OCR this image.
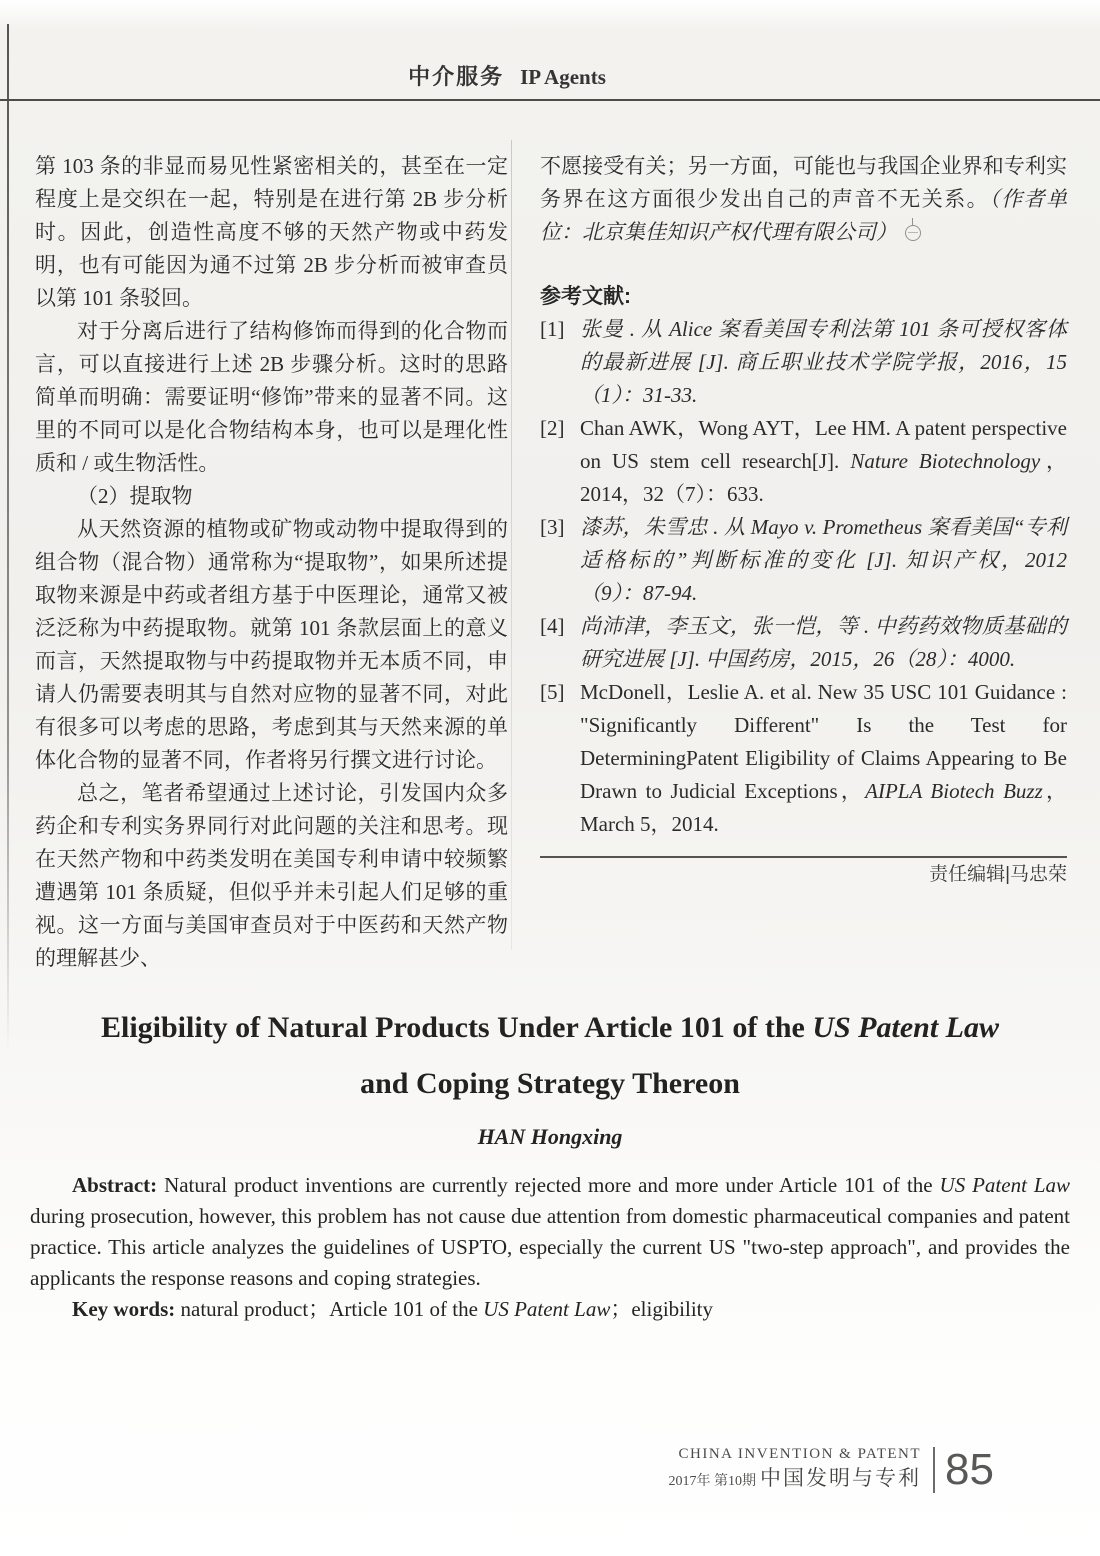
中介服务 IP Agents

第 103 条的非显而易见性紧密相关的，甚至在一定程度上是交织在一起，特别是在进行第 2B 步分析时。因此，创造性高度不够的天然产物或中药发明，也有可能因为通不过第 2B 步分析而被审查员以第 101 条驳回。

对于分离后进行了结构修饰而得到的化合物而言，可以直接进行上述 2B 步骤分析。这时的思路简单而明确：需要证明“修饰”带来的显著不同。这里的不同可以是化合物结构本身，也可以是理化性质和 / 或生物活性。

（2）提取物

从天然资源的植物或矿物或动物中提取得到的组合物（混合物）通常称为“提取物”，如果所述提取物来源是中药或者组方基于中医理论，通常又被泛泛称为中药提取物。就第 101 条款层面上的意义而言，天然提取物与中药提取物并无本质不同，申请人仍需要表明其与自然对应物的显著不同，对此有很多可以考虑的思路，考虑到其与天然来源的单体化合物的显著不同，作者将另行撰文进行讨论。

总之，笔者希望通过上述讨论，引发国内众多药企和专利实务界同行对此问题的关注和思考。现在天然产物和中药类发明在美国专利申请中较频繁遭遇第 101 条质疑，但似乎并未引起人们足够的重视。这一方面与美国审查员对于中医药和天然产物的理解甚少、

不愿接受有关；另一方面，可能也与我国企业界和专利实务界在这方面很少发出自己的声音不无关系。（作者单位：北京集佳知识产权代理有限公司）

参考文献:
[1] 张曼 . 从 Alice 案看美国专利法第 101 条可授权客体的最新进展 [J]. 商丘职业技术学院学报，2016，15（1）：31-33.
[2] Chan AWK，Wong AYT，Lee HM. A patent perspective on US stem cell research[J]. Nature Biotechnology，2014，32（7）：633.
[3] 漆苏，朱雪忠 . 从 Mayo v. Prometheus 案看美国“专利适格标的”判断标准的变化 [J]. 知识产权，2012（9）：87-94.
[4] 尚沛津，李玉文，张一恺，等 . 中药药效物质基础的研究进展 [J]. 中国药房，2015，26（28）：4000.
[5] McDonell，Leslie A. et al. New 35 USC 101 Guidance : "Significantly Different" Is the Test for DeterminingPatent Eligibility of Claims Appearing to Be Drawn to Judicial Exceptions，AIPLA Biotech Buzz，March 5，2014.
责任编辑|马忠荣
Eligibility of Natural Products Under Article 101 of the US Patent Law
and Coping Strategy Thereon
HAN Hongxing

Abstract: Natural product inventions are currently rejected more and more under Article 101 of the US Patent Law during prosecution, however, this problem has not cause due attention from domestic pharmaceutical companies and patent practice. This article analyzes the guidelines of USPTO, especially the current US "two-step approach", and provides the applicants the response reasons and coping strategies.

Key words: natural product；Article 101 of the US Patent Law；eligibility

CHINA INVENTION & PATENT
2017年 第10期 中国发明与专利 85
